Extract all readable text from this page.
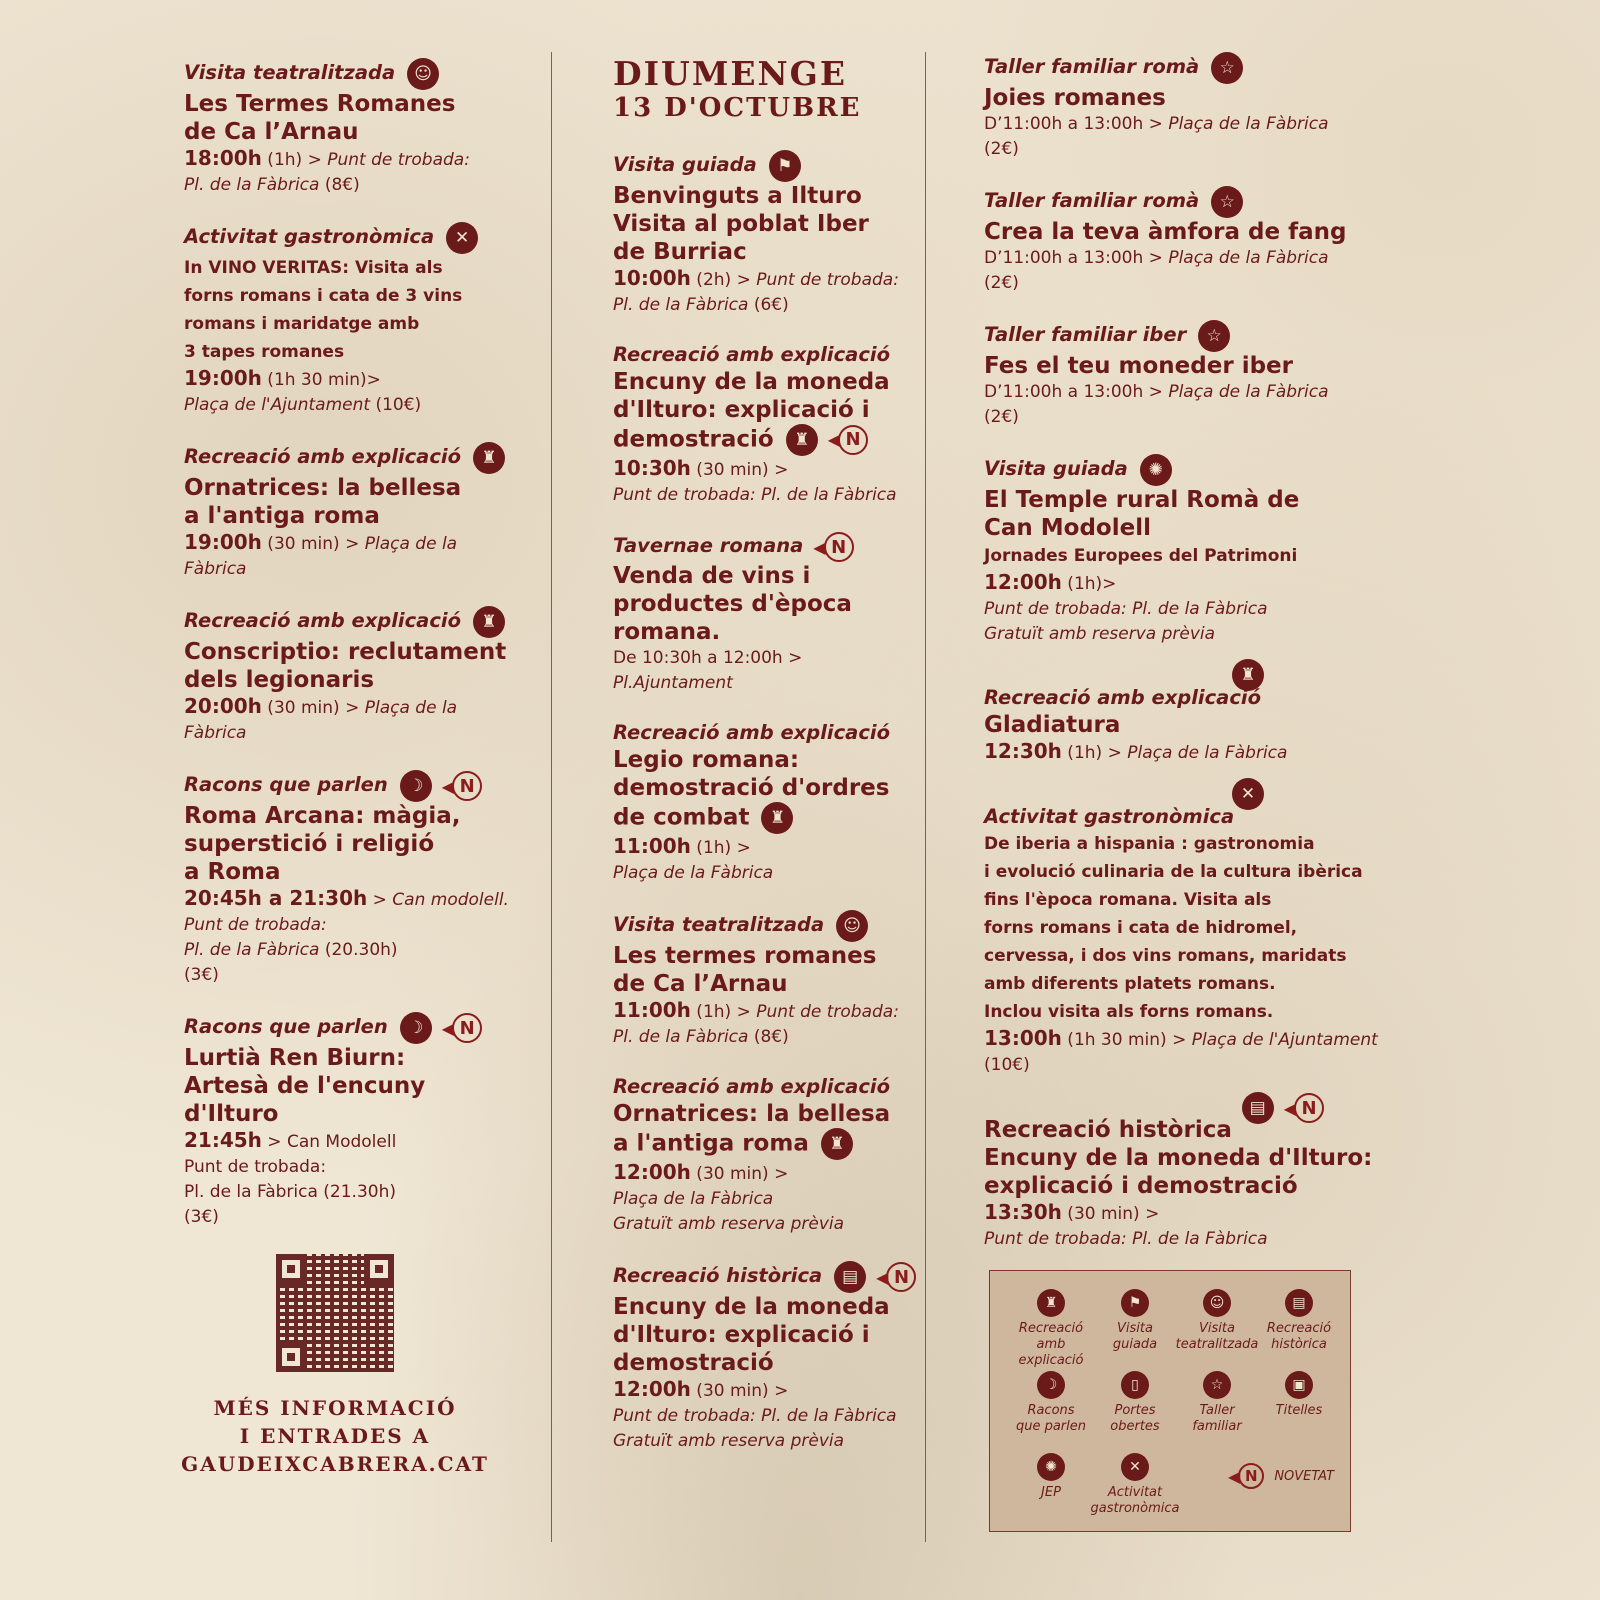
Visita teatralitzada ☺
Les Termes Romanes
de Ca l’Arnau
18:00h (1h) > Punt de trobada:
Pl. de la Fàbrica (8€)
Activitat gastronòmica ✕
In VINO VERITAS: Visita als
forns romans i cata de 3 vins
romans i maridatge amb
3 tapes romanes
19:00h (1h 30 min)>
Plaça de l'Ajuntament (10€)
Recreació amb explicació ♜
Ornatrices: la bellesa
a l'antiga roma
19:00h (30 min) > Plaça de la Fàbrica
Recreació amb explicació ♜
Conscriptio: reclutament
dels legionaris
20:00h (30 min) > Plaça de la Fàbrica
Racons que parlen ☽ ◀ N
Roma Arcana: màgia,
superstició i religió
a Roma
20:45h a 21:30h > Can modolell.
Punt de trobada:
Pl. de la Fàbrica (20.30h)
(3€)
Racons que parlen ☽ ◀ N
Lurtià Ren Biurn:
Artesà de l'encuny d'Ilturo
21:45h > Can Modolell
Punt de trobada:
Pl. de la Fàbrica (21.30h)
(3€)
DIUMENGE
13 D'OCTUBRE
Visita guiada ⚑
Benvinguts a Ilturo
Visita al poblat Iber
de Burriac
10:00h (2h) > Punt de trobada:
Pl. de la Fàbrica (6€)
Recreació amb explicació
Encuny de la moneda
d'Ilturo: explicació i
demostració ♜ ◀ N
10:30h (30 min) >
Punt de trobada: Pl. de la Fàbrica
Tavernae romana ◀ N
Venda de vins i
productes d'època
romana.
De 10:30h a 12:00h >
Pl.Ajuntament
Recreació amb explicació
Legio romana:
demostració d'ordres
de combat ♜
11:00h (1h) >
Plaça de la Fàbrica
Visita teatralitzada ☺
Les termes romanes
de Ca l’Arnau
11:00h (1h) > Punt de trobada:
Pl. de la Fàbrica (8€)
Recreació amb explicació
Ornatrices: la bellesa
a l'antiga roma ♜
12:00h (30 min) >
Plaça de la Fàbrica
Gratuït amb reserva prèvia
Recreació històrica ▤ ◀ N
Encuny de la moneda
d'Ilturo: explicació i
demostració
12:00h (30 min) >
Punt de trobada: Pl. de la Fàbrica
Gratuït amb reserva prèvia
Taller familiar romà ☆
Joies romanes
D’11:00h a 13:00h > Plaça de la Fàbrica
(2€)
Taller familiar romà ☆
Crea la teva àmfora de fang
D’11:00h a 13:00h > Plaça de la Fàbrica
(2€)
Taller familiar iber ☆
Fes el teu moneder iber
D’11:00h a 13:00h > Plaça de la Fàbrica
(2€)
Visita guiada ✺
El Temple rural Romà de
Can Modolell
Jornades Europees del Patrimoni
12:00h (1h)>
Punt de trobada: Pl. de la Fàbrica
Gratuït amb reserva prèvia
♜
Recreació amb explicació
Gladiatura
12:30h (1h) > Plaça de la Fàbrica
✕
Activitat gastronòmica
De iberia a hispania : gastronomia
i evolució culinaria de la cultura ibèrica
fins l'època romana. Visita als
forns romans i cata de hidromel,
cervessa, i dos vins romans, maridats
amb diferents platets romans.
Inclou visita als forns romans.
13:00h (1h 30 min) > Plaça de l'Ajuntament
(10€)
▤ ◀ N
Recreació històrica
Encuny de la moneda d'Ilturo:
explicació i demostració
13:30h (30 min) >
Punt de trobada: Pl. de la Fàbrica
MÉS INFORMACIÓ
I ENTRADES A
GAUDEIXCABRERA.CAT	◀ N	NOVETAT
♜
Recreació
amb explicació
⚑
Visita
guiada
☺
Visita
teatralitzada
▤
Recreació
històrica
☽
Racons
que parlen
▯
Portes
obertes
☆
Taller
familiar
▣
Titelles
✺
JEP
✕
Activitat
gastronòmica
